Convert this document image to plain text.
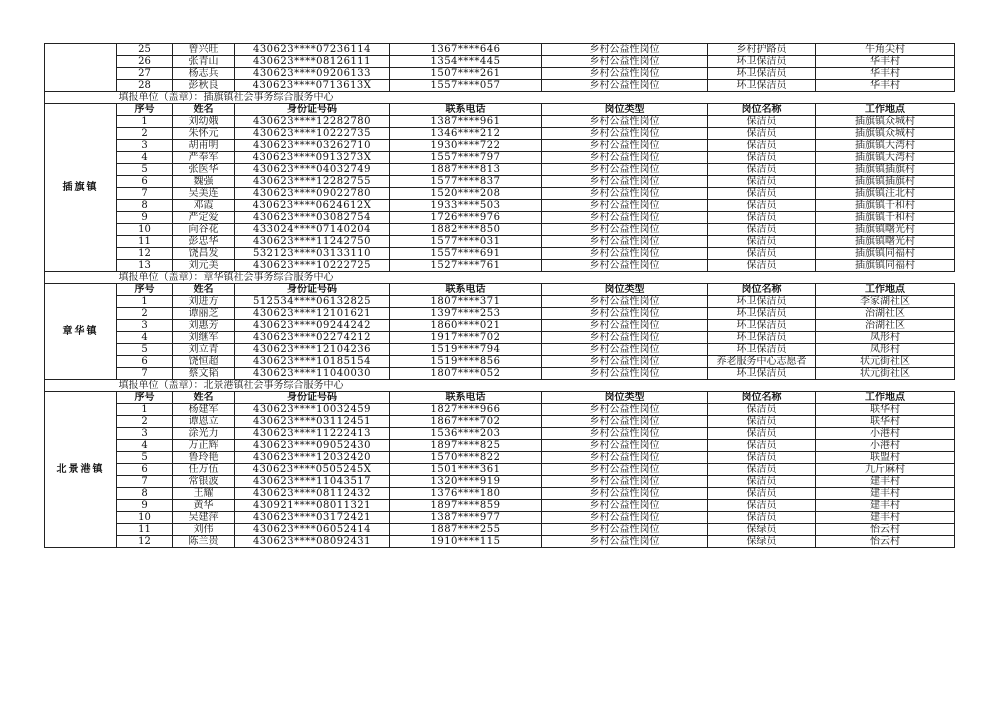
	25	曾兴旺	430623****07236114	1367****646	乡村公益性岗位	乡村护路员	牛角尖村
	26	张青山	430623****08126111	1354****445	乡村公益性岗位	环卫保洁员	华丰村
	27	杨志兵	430623****09206133	1507****261	乡村公益性岗位	环卫保洁员	华丰村
	28	彭秋良	430623****0713613X	1557****057	乡村公益性岗位	环卫保洁员	华丰村
	填报单位（盖章）：插旗镇社会事务综合服务中心						
插旗镇	序号	姓名	身份证号码	联系电话	岗位类型	岗位名称	工作地点
	1	刘幼娥	430623****12282780	1387****961	乡村公益性岗位	保洁员	插旗镇众城村
	2	朱怀元	430623****10222735	1346****212	乡村公益性岗位	保洁员	插旗镇众城村
	3	胡甫明	430623****03262710	1930****722	乡村公益性岗位	保洁员	插旗镇大湾村
	4	严奉军	430623****0913273X	1557****797	乡村公益性岗位	保洁员	插旗镇大湾村
	5	张医华	430623****04032749	1887****813	乡村公益性岗位	保洁员	插旗镇插旗村
	6	魏强	430623****12282755	1577****837	乡村公益性岗位	保洁员	插旗镇插旗村
	7	吴美连	430623****09022780	1520****208	乡村公益性岗位	保洁员	插旗镇注北村
	8	邓霞	430623****0624612X	1933****503	乡村公益性岗位	保洁员	插旗镇千和村
	9	严定爱	430623****03082754	1726****976	乡村公益性岗位	保洁员	插旗镇千和村
	10	向谷花	433024****07140204	1882****850	乡村公益性岗位	保洁员	插旗镇曙光村
	11	彭忠华	430623****11242750	1577****031	乡村公益性岗位	保洁员	插旗镇曙光村
	12	饶昌发	532123****03133110	1557****691	乡村公益性岗位	保洁员	插旗镇同福村
	13	刘元美	430623****10222725	1527****761	乡村公益性岗位	保洁员	插旗镇同福村
	填报单位（盖章）：章华镇社会事务综合服务中心						
章华镇	序号	姓名	身份证号码	联系电话	岗位类型	岗位名称	工作地点
	1	刘进方	512534****06132825	1807****371	乡村公益性岗位	环卫保洁员	李家湖社区
	2	谭丽芝	430623****12101621	1397****253	乡村公益性岗位	环卫保洁员	治湖社区
	3	刘惠芳	430623****09244242	1860****021	乡村公益性岗位	环卫保洁员	治湖社区
	4	刘继军	430623****02274212	1917****702	乡村公益性岗位	环卫保洁员	凤形村
	5	刘立青	430623****12104236	1519****794	乡村公益性岗位	环卫保洁员	凤形村
	6	饶恒超	430623****10185154	1519****856	乡村公益性岗位	养老服务中心志愿者	状元街社区
	7	蔡文韬	430623****11040030	1807****052	乡村公益性岗位	环卫保洁员	状元街社区
	填报单位（盖章）：北景港镇社会事务综合服务中心						
北景港镇	序号	姓名	身份证号码	联系电话	岗位类型	岗位名称	工作地点
	1	杨建军	430623****10032459	1827****966	乡村公益性岗位	保洁员	联华村
	2	谭恩立	430623****03112451	1867****702	乡村公益性岗位	保洁员	联华村
	3	涂光力	430623****11222413	1536****203	乡村公益性岗位	保洁员	小港村
	4	万正辉	430623****09052430	1897****825	乡村公益性岗位	保洁员	小港村
	5	鲁玲艳	430623****12032420	1570****822	乡村公益性岗位	保洁员	联盟村
	6	任万伍	430623****0505245X	1501****361	乡村公益性岗位	保洁员	九斤麻村
	7	常银波	430623****11043517	1320****919	乡村公益性岗位	保洁员	建丰村
	8	王耀	430623****08112432	1376****180	乡村公益性岗位	保洁员	建丰村
	9	黄华	430921****08011321	1897****859	乡村公益性岗位	保洁员	建丰村
	10	吴建萍	430623****03172421	1387****977	乡村公益性岗位	保洁员	建丰村
	11	刘伟	430623****06052414	1887****255	乡村公益性岗位	保绿员	怡云村
	12	陈兰贵	430623****08092431	1910****115	乡村公益性岗位	保绿员	怡云村
